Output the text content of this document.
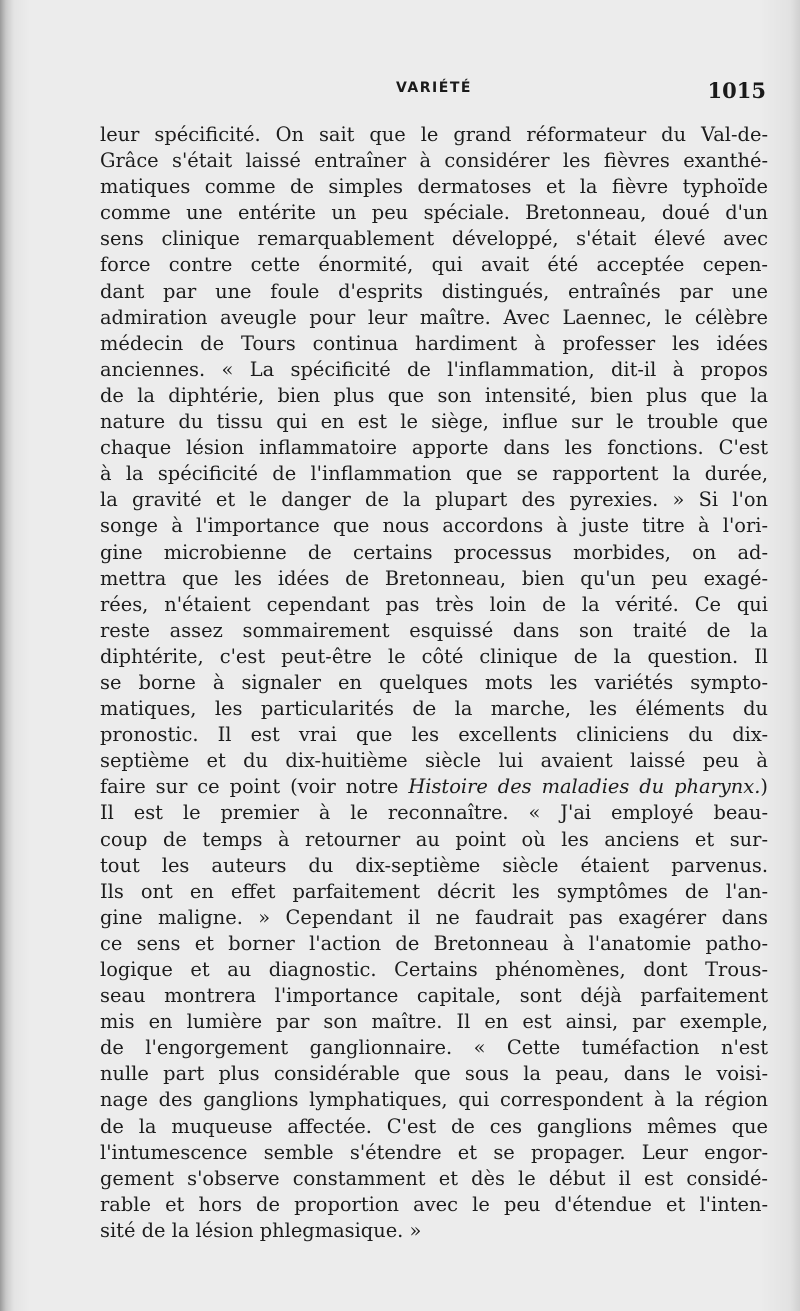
VARIÉTÉ	1015
leur spécificité. On sait que le grand réformateur du Val-de-
Grâce s'était laissé entraîner à considérer les fièvres exanthé-
matiques comme de simples dermatoses et la fièvre typhoïde
comme une entérite un peu spéciale. Bretonneau, doué d'un
sens clinique remarquablement développé, s'était élevé avec
force contre cette énormité, qui avait été acceptée cepen-
dant par une foule d'esprits distingués, entraînés par une
admiration aveugle pour leur maître. Avec Laennec, le célèbre
médecin de Tours continua hardiment à professer les idées
anciennes. « La spécificité de l'inflammation, dit-il à propos
de la diphtérie, bien plus que son intensité, bien plus que la
nature du tissu qui en est le siège, influe sur le trouble que
chaque lésion inflammatoire apporte dans les fonctions. C'est
à la spécificité de l'inflammation que se rapportent la durée,
la gravité et le danger de la plupart des pyrexies. » Si l'on
songe à l'importance que nous accordons à juste titre à l'ori-
gine microbienne de certains processus morbides, on ad-
mettra que les idées de Bretonneau, bien qu'un peu exagé-
rées, n'étaient cependant pas très loin de la vérité. Ce qui
reste assez sommairement esquissé dans son traité de la
diphtérite, c'est peut-être le côté clinique de la question. Il
se borne à signaler en quelques mots les variétés sympto-
matiques, les particularités de la marche, les éléments du
pronostic. Il est vrai que les excellents cliniciens du dix-
septième et du dix-huitième siècle lui avaient laissé peu à
faire sur ce point (voir notre Histoire des maladies du pharynx.)
Il est le premier à le reconnaître. « J'ai employé beau-
coup de temps à retourner au point où les anciens et sur-
tout les auteurs du dix-septième siècle étaient parvenus.
Ils ont en effet parfaitement décrit les symptômes de l'an-
gine maligne. » Cependant il ne faudrait pas exagérer dans
ce sens et borner l'action de Bretonneau à l'anatomie patho-
logique et au diagnostic. Certains phénomènes, dont Trous-
seau montrera l'importance capitale, sont déjà parfaitement
mis en lumière par son maître. Il en est ainsi, par exemple,
de l'engorgement ganglionnaire. « Cette tuméfaction n'est
nulle part plus considérable que sous la peau, dans le voisi-
nage des ganglions lymphatiques, qui correspondent à la région
de la muqueuse affectée. C'est de ces ganglions mêmes que
l'intumescence semble s'étendre et se propager. Leur engor-
gement s'observe constamment et dès le début il est considé-
rable et hors de proportion avec le peu d'étendue et l'inten-
sité de la lésion phlegmasique. »
